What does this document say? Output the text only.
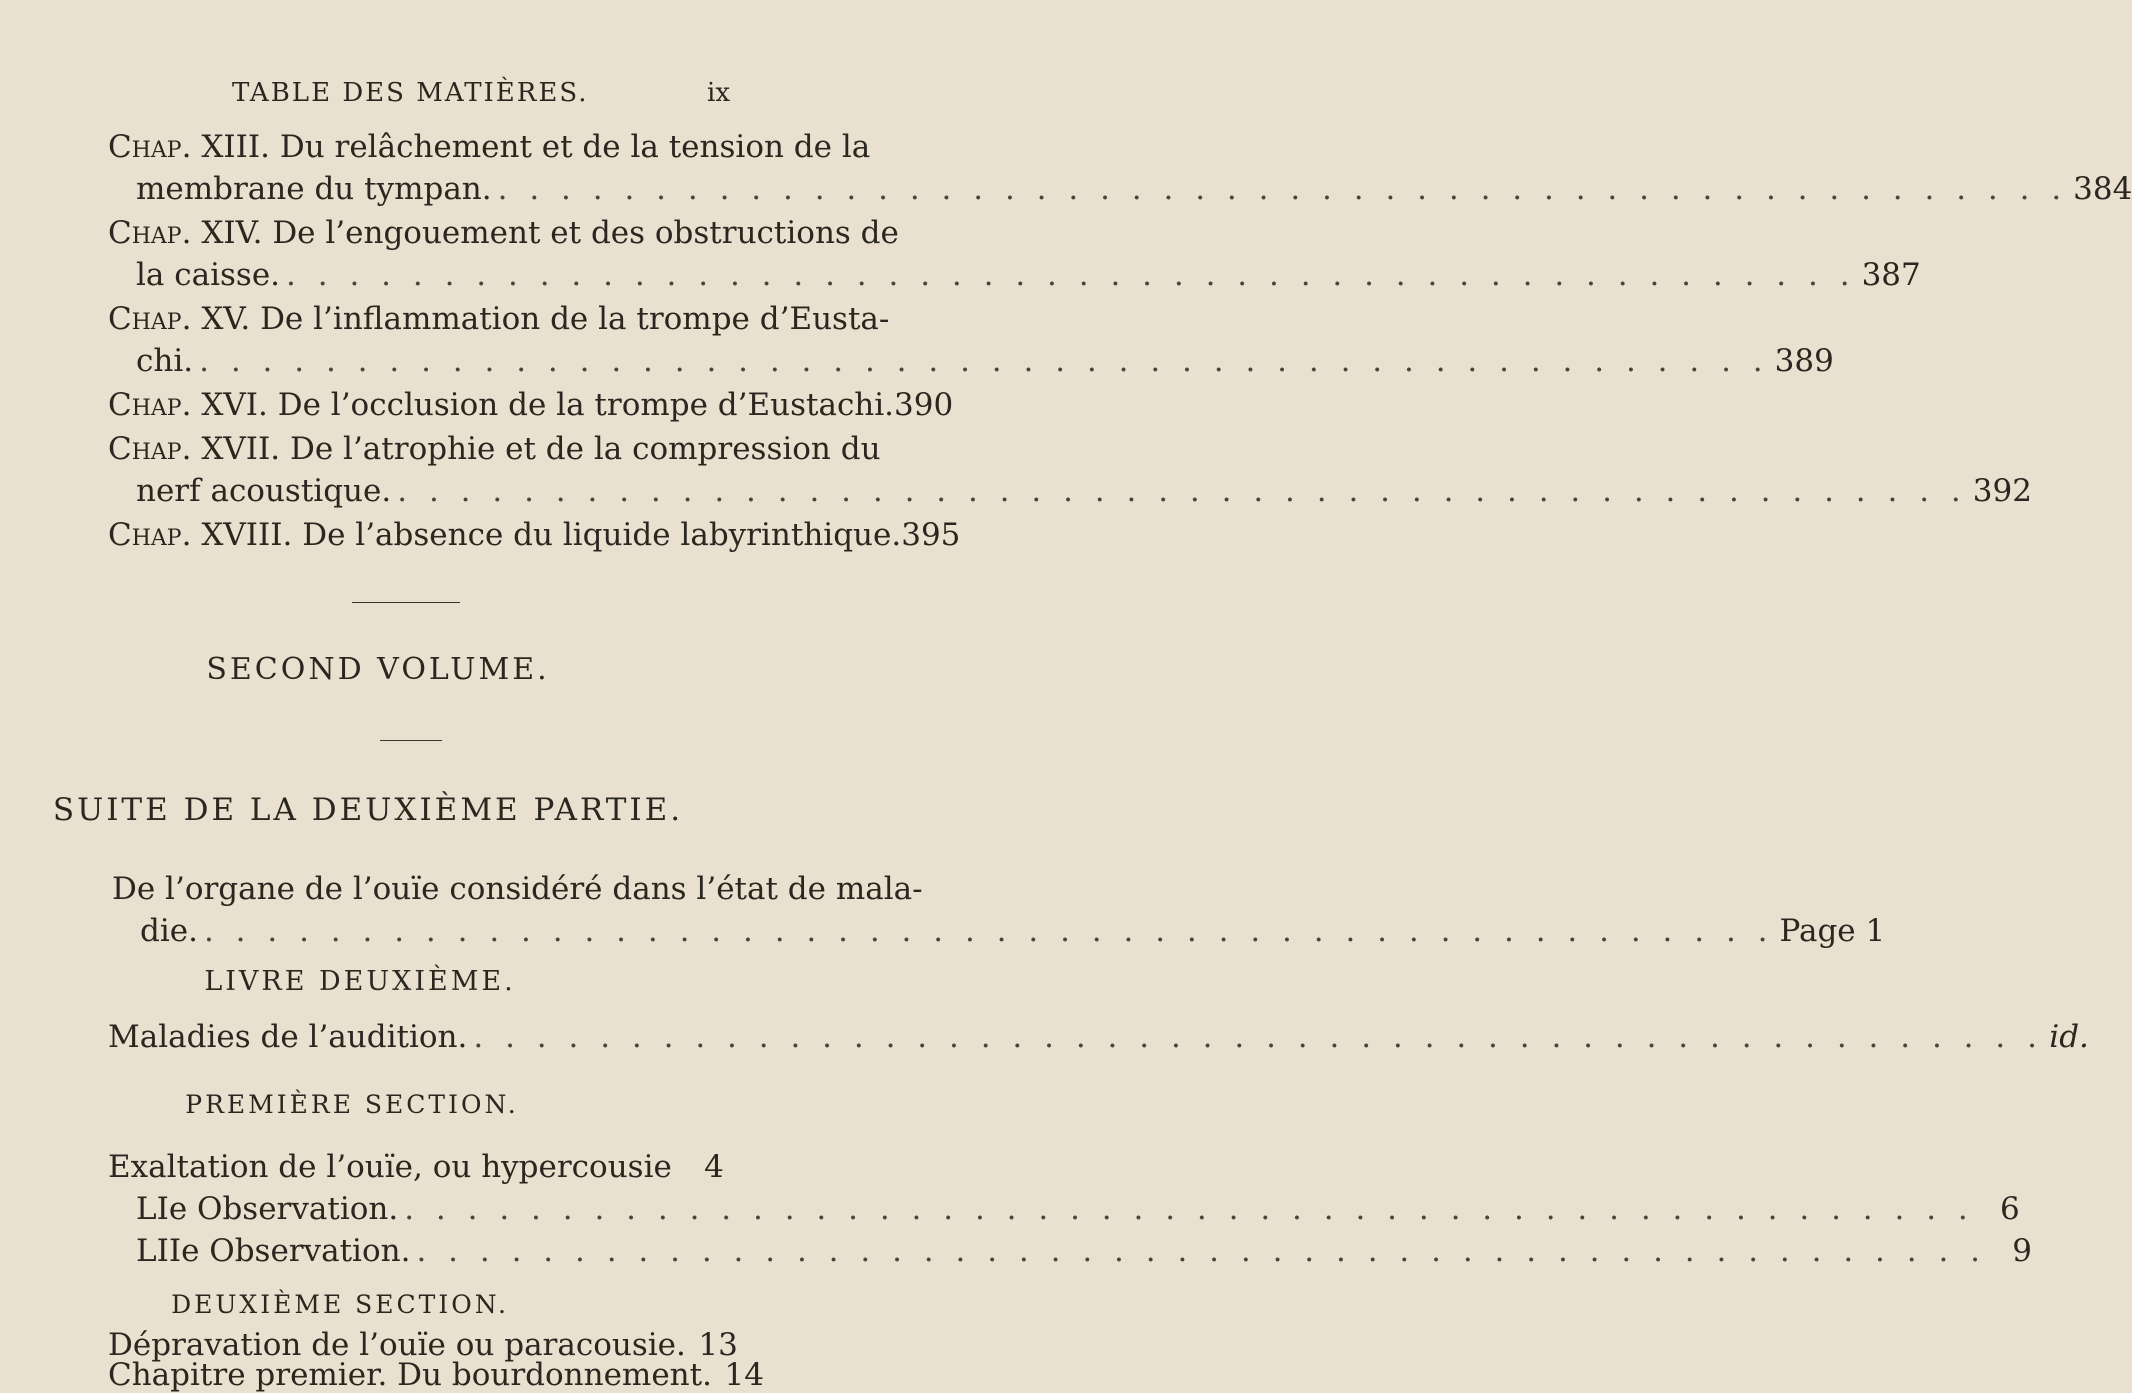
TABLE DES MATIÈRES.	ix
Chap.
XIII.
Du relâchement et de la tension de la
membrane du tympan. . . .	384
Chap.
XIV.
De l’engouement et des obstructions de
la caisse. . . .	387
Chap.
XV.
De l’inflammation de la trompe d’Eusta-
chi. . . .	389
Chap.
XVI.
De l’occlusion de la trompe d’Eustachi. 390
Chap.
XVII.
De l’atrophie et de la compression du
nerf acoustique. . . .	392
Chap.
XVIII.
De l’absence du liquide labyrinthique. 395
SECOND VOLUME.
SUITE DE LA DEUXIÈME PARTIE.
De l’organe de l’ouïe considéré dans l’état de mala-
die. . . .	Page
1
LIVRE DEUXIÈME.
Maladies de l’audition. . . .	id.
PREMIÈRE SECTION.
Exaltation de l’ouïe, ou hypercousie	4
LIe Observation. . . .	6
LIIe Observation. . . .	9
DEUXIÈME SECTION.
Dépravation de l’ouïe ou paracousie. 13
Chapitre premier. Du bourdonnement. 14
